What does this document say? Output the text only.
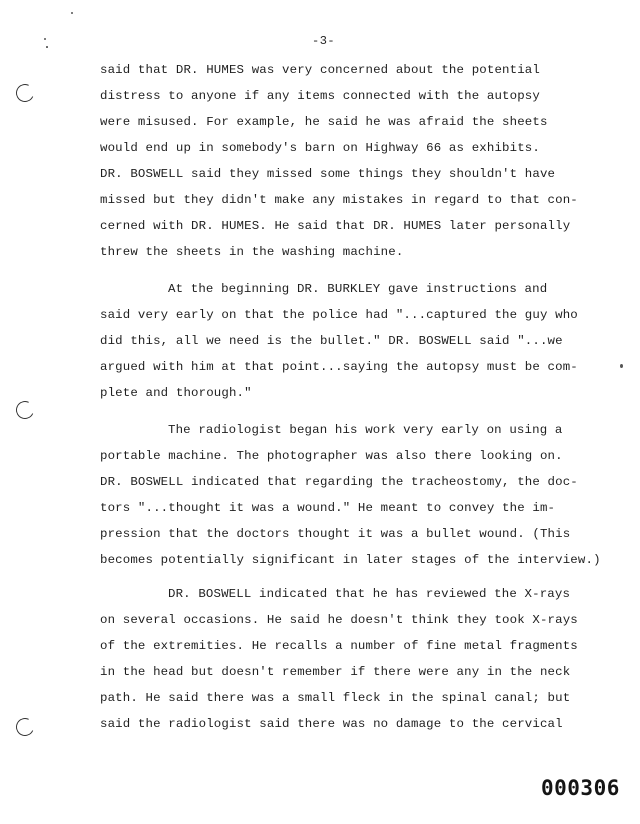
-3-
said that DR. HUMES was very concerned about the potential
distress to anyone if any items connected with the autopsy
were misused. For example, he said he was afraid the sheets
would end up in somebody's barn on Highway 66 as exhibits.
DR. BOSWELL said they missed some things they shouldn't have
missed but they didn't make any mistakes in regard to that con-
cerned with DR. HUMES. He said that DR. HUMES later personally
threw the sheets in the washing machine.
At the beginning DR. BURKLEY gave instructions and
said very early on that the police had "...captured the guy who
did this, all we need is the bullet." DR. BOSWELL said "...we
argued with him at that point...saying the autopsy must be com-
plete and thorough."
The radiologist began his work very early on using a
portable machine. The photographer was also there looking on.
DR. BOSWELL indicated that regarding the tracheostomy, the doc-
tors "...thought it was a wound." He meant to convey the im-
pression that the doctors thought it was a bullet wound. (This
becomes potentially significant in later stages of the interview.)
DR. BOSWELL indicated that he has reviewed the X-rays
on several occasions. He said he doesn't think they took X-rays
of the extremities. He recalls a number of fine metal fragments
in the head but doesn't remember if there were any in the neck
path. He said there was a small fleck in the spinal canal; but
said the radiologist said there was no damage to the cervical
000306
